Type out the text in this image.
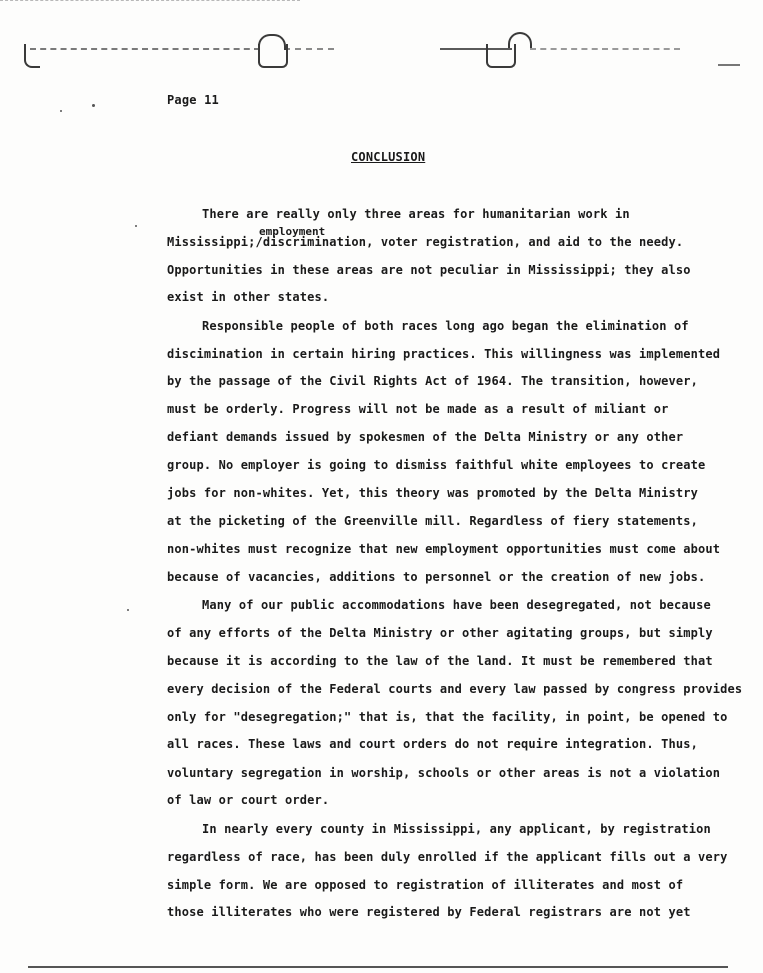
Page 11
CONCLUSION
employment
There are really only three areas for humanitarian work in
Mississippi;/discrimination, voter registration, and aid to the needy.
Opportunities in these areas are not peculiar in Mississippi; they also
exist in other states.
Responsible people of both races long ago began the elimination of
discimination in certain hiring practices. This willingness was implemented
by the passage of the Civil Rights Act of 1964. The transition, however,
must be orderly. Progress will not be made as a result of miliant or
defiant demands issued by spokesmen of the Delta Ministry or any other
group. No employer is going to dismiss faithful white employees to create
jobs for non-whites. Yet, this theory was promoted by the Delta Ministry
at the picketing of the Greenville mill. Regardless of fiery statements,
non-whites must recognize that new employment opportunities must come about
because of vacancies, additions to personnel or the creation of new jobs.
Many of our public accommodations have been desegregated, not because
of any efforts of the Delta Ministry or other agitating groups, but simply
because it is according to the law of the land. It must be remembered that
every decision of the Federal courts and every law passed by congress provides
only for "desegregation;" that is, that the facility, in point, be opened to
all races. These laws and court orders do not require integration. Thus,
voluntary segregation in worship, schools or other areas is not a violation
of law or court order.
In nearly every county in Mississippi, any applicant, by registration
regardless of race, has been duly enrolled if the applicant fills out a very
simple form. We are opposed to registration of illiterates and most of
those illiterates who were registered by Federal registrars are not yet
